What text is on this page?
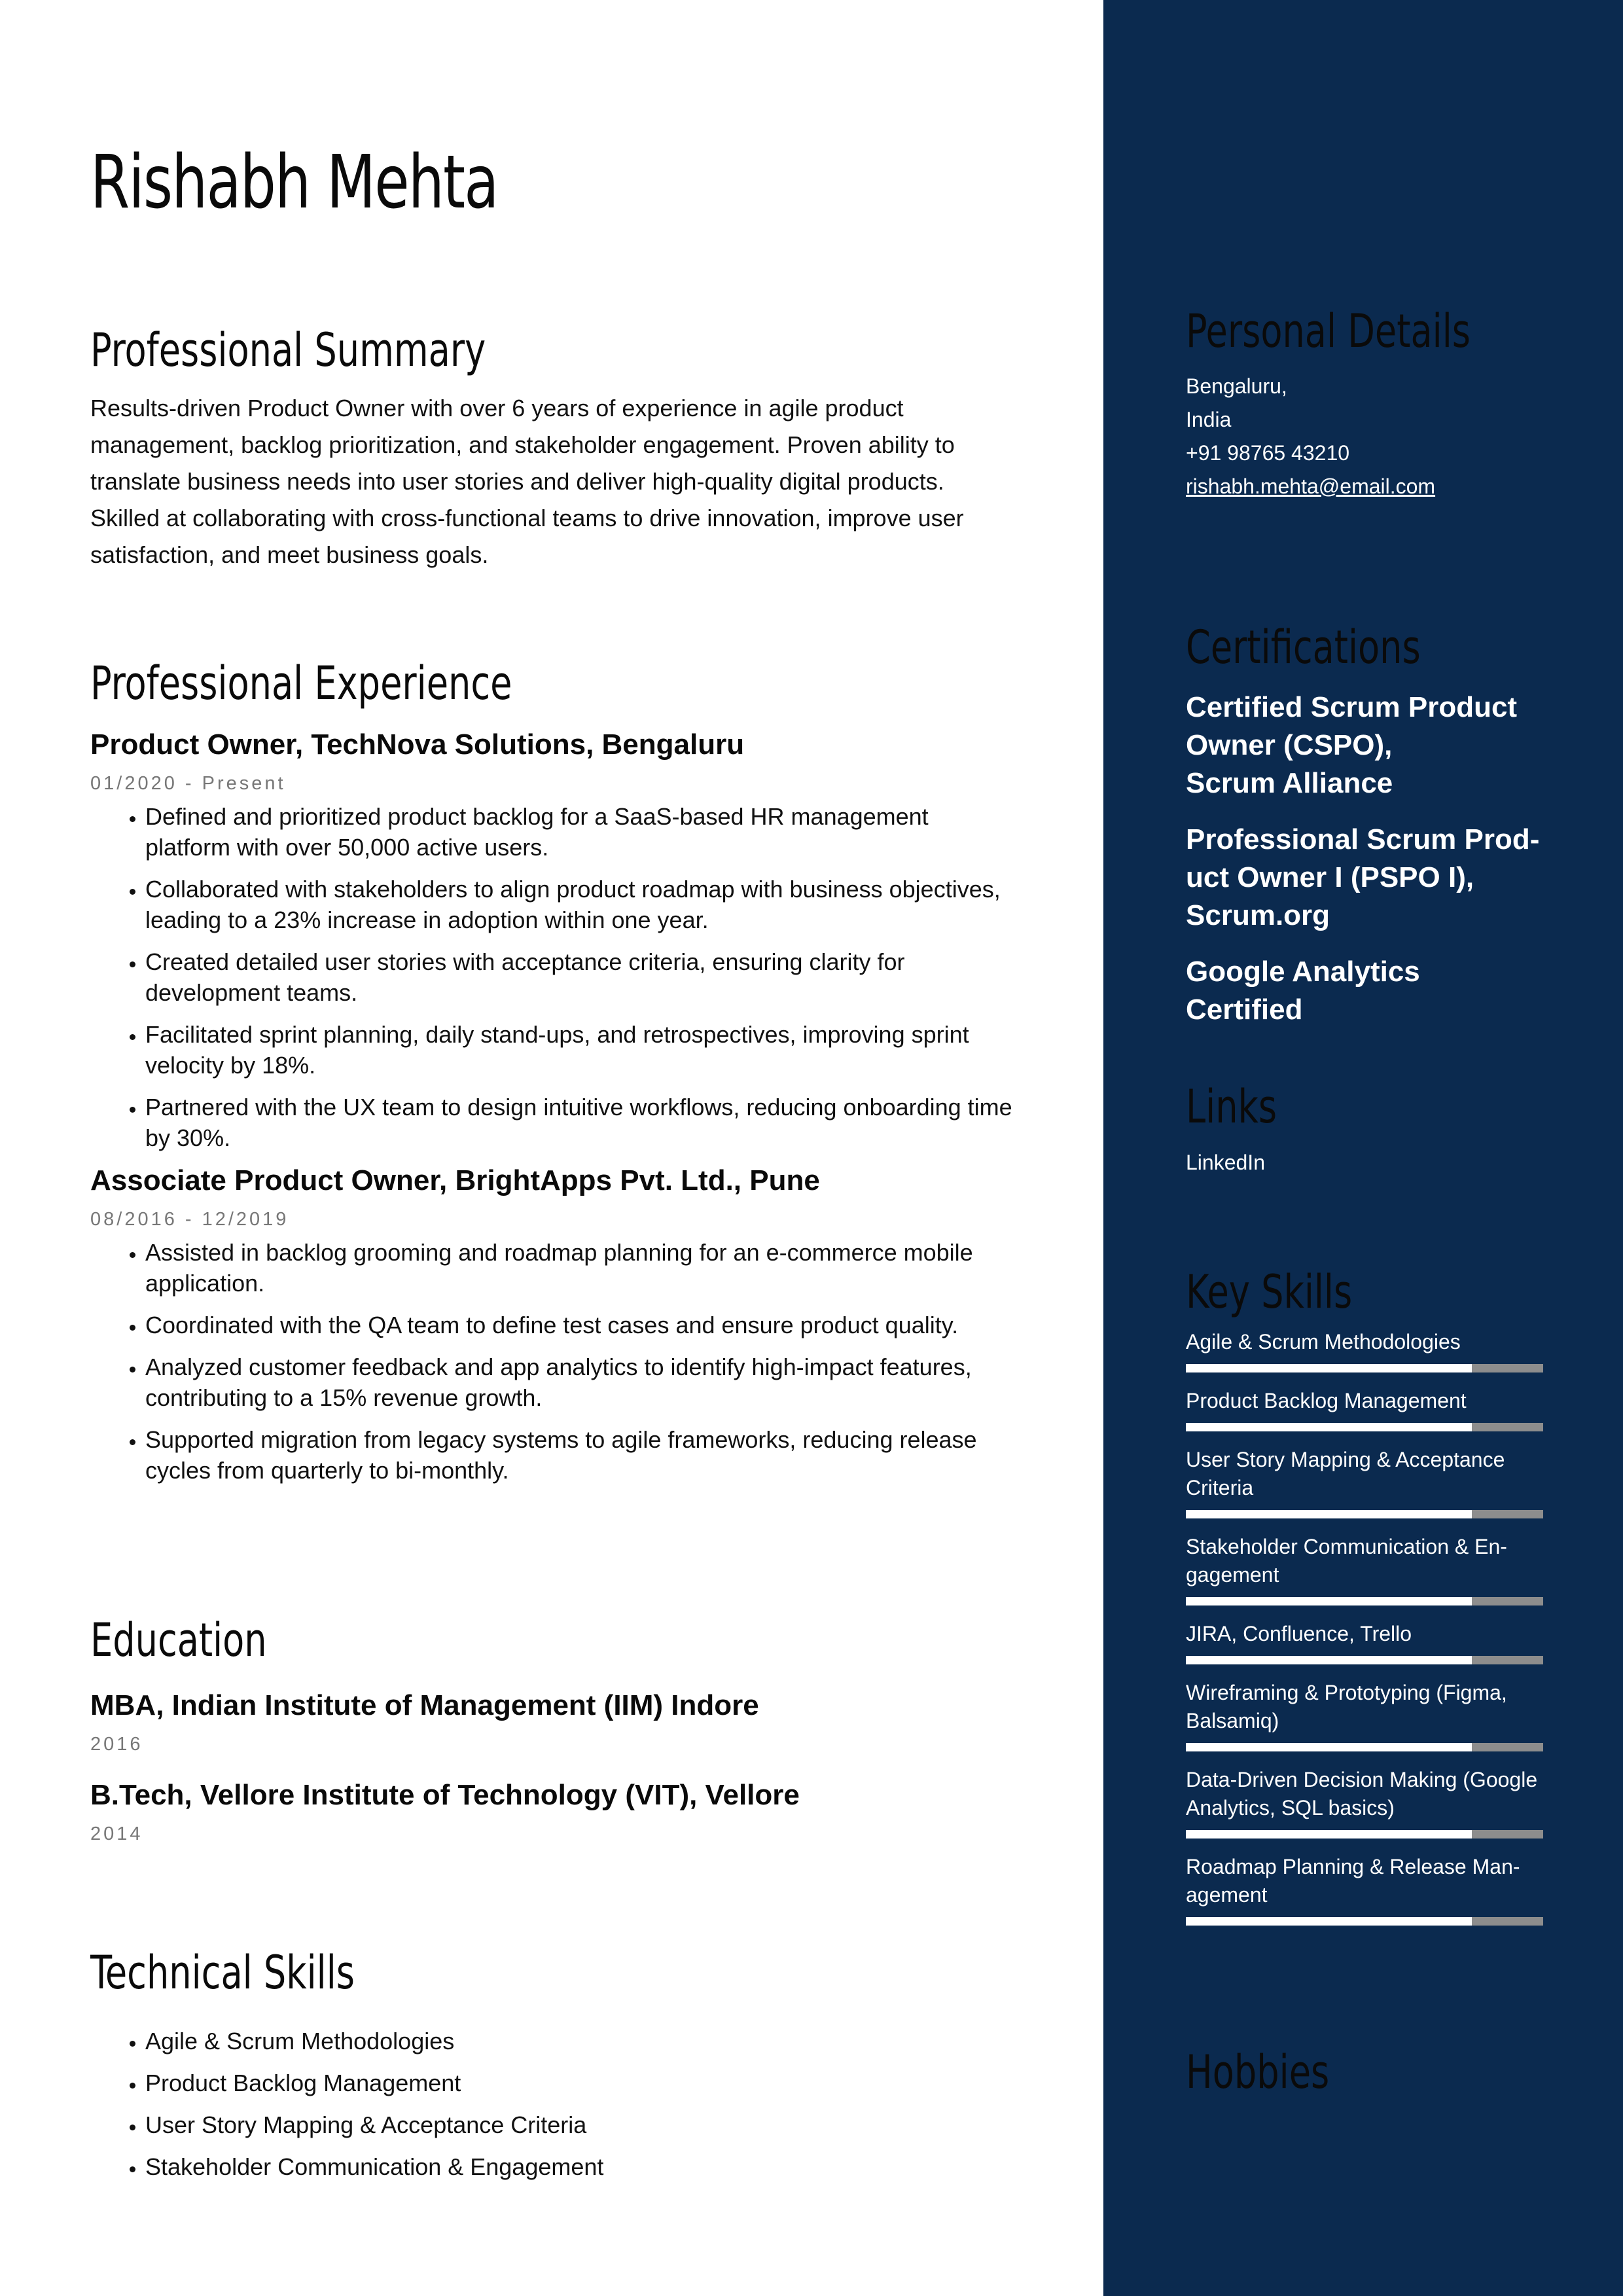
Rishabh Mehta
Professional Summary

Results-driven Product Owner with over 6 years of experience in agile product management, backlog prioritization, and stakeholder engagement. Proven ability to translate business needs into user stories and deliver high-quality digital products. Skilled at collaborating with cross-functional teams to drive innovation, improve user satisfaction, and meet business goals.

Professional Experience
Product Owner, TechNova Solutions, Bengaluru
01/2020 - Present
• Defined and prioritized product backlog for a SaaS-based HR management platform with over 50,000 active users.
• Collaborated with stakeholders to align product roadmap with business objectives, leading to a 23% increase in adoption within one year.
• Created detailed user stories with acceptance criteria, ensuring clarity for development teams.
• Facilitated sprint planning, daily stand-ups, and retrospectives, improving sprint velocity by 18%.
• Partnered with the UX team to design intuitive workflows, reducing onboarding time by 30%.
Associate Product Owner, BrightApps Pvt. Ltd., Pune
08/2016 - 12/2019
• Assisted in backlog grooming and roadmap planning for an e-commerce mobile application.
• Coordinated with the QA team to define test cases and ensure product quality.
• Analyzed customer feedback and app analytics to identify high-impact features, contributing to a 15% revenue growth.
• Supported migration from legacy systems to agile frameworks, reducing release cycles from quarterly to bi-monthly.
Education
MBA, Indian Institute of Management (IIM) Indore
2016
B.Tech, Vellore Institute of Technology (VIT), Vellore
2014
Technical Skills
• Agile & Scrum Methodologies
• Product Backlog Management
• User Story Mapping & Acceptance Criteria
• Stakeholder Communication & Engagement
Personal Details
Bengaluru,
India
+91 98765 43210
rishabh.mehta@email.com
Certifications
Certified Scrum Product
Owner (CSPO),
Scrum Alliance
Professional Scrum Prod-
uct Owner I (PSPO I),
Scrum.org
Google Analytics Certified
Links
LinkedIn
Key Skills
Agile & Scrum Methodologies
Product Backlog Management
User Story Mapping & Acceptance Criteria
Stakeholder Communication & En-gagement
JIRA, Confluence, Trello
Wireframing & Prototyping (Figma, Balsamiq)
Data-Driven Decision Making (Google Analytics, SQL basics)
Roadmap Planning & Release Man-agement
Hobbies
